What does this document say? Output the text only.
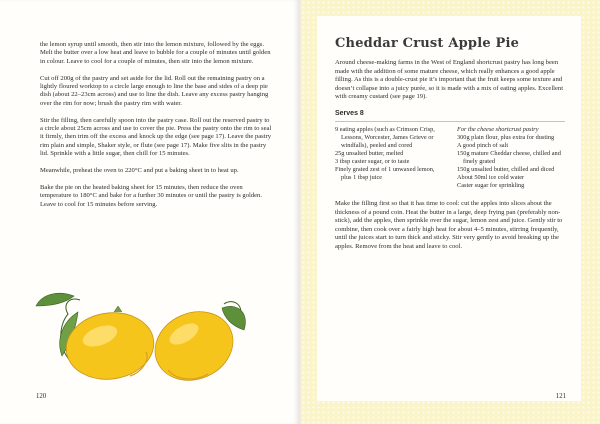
the lemon syrup until smooth, then stir into the lemon mixture, followed by the eggs. Melt the butter over a low heat and leave to bubble for a couple of minutes until golden in colour. Leave to cool for a couple of minutes, then stir into the lemon mixture.

Cut off 200g of the pastry and set aside for the lid. Roll out the remaining pastry on a lightly floured worktop to a circle large enough to line the base and sides of a deep pie dish (about 22–23cm across) and use to line the dish. Leave any excess pastry hanging over the rim for now; brush the pastry rim with water.

Stir the filling, then carefully spoon into the pastry case. Roll out the reserved pastry to a circle about 25cm across and use to cover the pie. Press the pastry onto the rim to seal it firmly, then trim off the excess and knock up the edge (see page 17). Leave the pastry rim plain and simple, Shaker style, or flute (see page 17). Make five slits in the pastry lid. Sprinkle with a little sugar, then chill for 15 minutes.

Meanwhile, preheat the oven to 220°C and put a baking sheet in to heat up.

Bake the pie on the heated baking sheet for 15 minutes, then reduce the oven temperature to 180°C and bake for a further 30 minutes or until the pastry is golden. Leave to cool for 15 minutes before serving.

120
Cheddar Crust Apple Pie

Around cheese-making farms in the West of England shortcrust pastry has long been made with the addition of some mature cheese, which really enhances a good apple filling. As this is a double-crust pie it’s important that the fruit keeps some texture and doesn’t collapse into a juicy purée, so it is made with a mix of eating apples. Excellent with creamy custard (see page 19).

Serves 8

9 eating apples (such as Crimson Crisp, Lessons, Worcester, James Grieve or windfalls), peeled and cored
25g unsalted butter, melted
3 tbsp caster sugar, or to taste
Finely grated zest of 1 unwaxed lemon, plus 1 tbsp juice
For the cheese shortcrust pastry
300g plain flour, plus extra for dusting
A good pinch of salt
150g mature Cheddar cheese, chilled and finely grated
150g unsalted butter, chilled and diced
About 50ml ice cold water
Caster sugar for sprinkling

Make the filling first so that it has time to cool: cut the apples into slices about the thickness of a pound coin. Heat the butter in a large, deep frying pan (preferably non-stick), add the apples, then sprinkle over the sugar, lemon zest and juice. Gently stir to combine, then cook over a fairly high heat for about 4–5 minutes, stirring frequently, until the juices start to turn thick and sticky. Stir very gently to avoid breaking up the apples. Remove from the heat and leave to cool.

121
